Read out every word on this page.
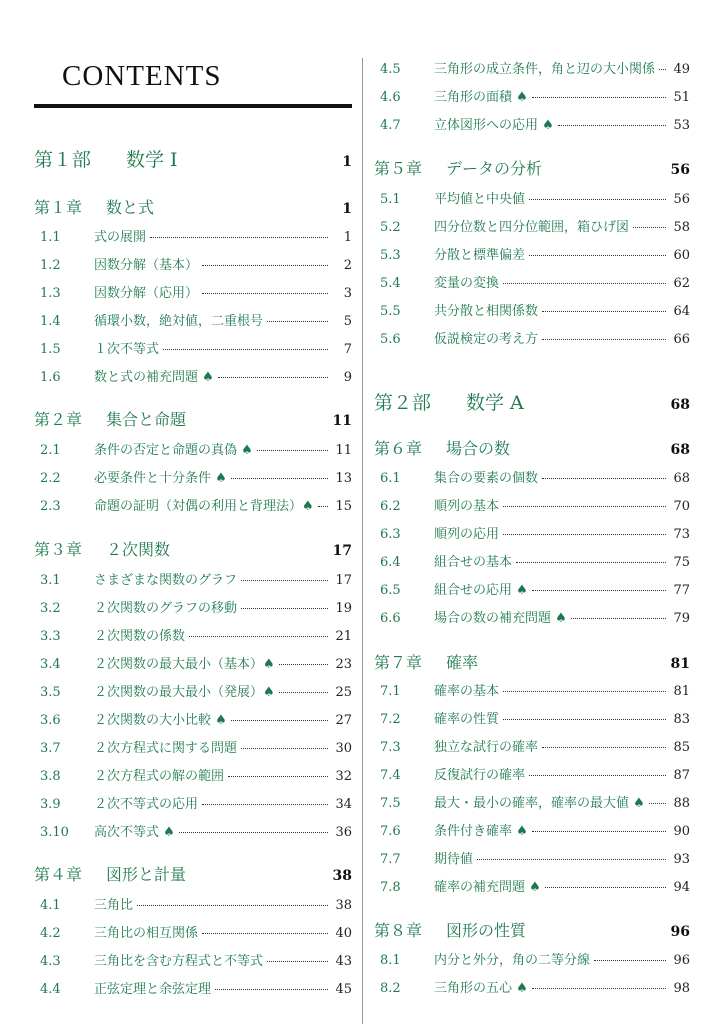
CONTENTS
第１部	数学 I	1
第１章	数と式	1
1.1	式の展開	1
1.2	因数分解（基本）	2
1.3	因数分解（応用）	3
1.4	循環小数，絶対値，二重根号	5
1.5	１次不等式	7
1.6	数と式の補充問題 ♠	9
第２章	集合と命題	11
2.1	条件の否定と命題の真偽 ♠	11
2.2	必要条件と十分条件 ♠	13
2.3	命題の証明（対偶の利用と背理法）♠ 15
第３章	２次関数	17
3.1	さまざまな関数のグラフ	17
3.2	２次関数のグラフの移動	19
3.3	２次関数の係数	21
3.4	２次関数の最大最小（基本）♠	23
3.5	２次関数の最大最小（発展）♠	25
3.6	２次関数の大小比較 ♠	27
3.7	２次方程式に関する問題	30
3.8	２次方程式の解の範囲	32
3.9	２次不等式の応用	34
3.10	高次不等式 ♠	36
第４章	図形と計量	38
4.1	三角比	38
4.2	三角比の相互関係	40
4.3	三角比を含む方程式と不等式	43
4.4	正弦定理と余弦定理	45
4.5	三角形の成立条件，角と辺の大小関係 49
4.6	三角形の面積 ♠	51
4.7	立体図形への応用 ♠	53
第５章	データの分析	56
5.1	平均値と中央値	56
5.2	四分位数と四分位範囲，箱ひげ図	58
5.3	分散と標準偏差	60
5.4	変量の変換	62
5.5	共分散と相関係数	64
5.6	仮説検定の考え方	66
第２部	数学 A	68
第６章	場合の数	68
6.1	集合の要素の個数	68
6.2	順列の基本	70
6.3	順列の応用	73
6.4	組合せの基本	75
6.5	組合せの応用 ♠	77
6.6	場合の数の補充問題 ♠	79
第７章	確率	81
7.1	確率の基本	81
7.2	確率の性質	83
7.3	独立な試行の確率	85
7.4	反復試行の確率	87
7.5	最大・最小の確率，確率の最大値 ♠ 88
7.6	条件付き確率 ♠	90
7.7	期待値	93
7.8	確率の補充問題 ♠	94
第８章	図形の性質	96
8.1	内分と外分，角の二等分線	96
8.2	三角形の五心 ♠	98
